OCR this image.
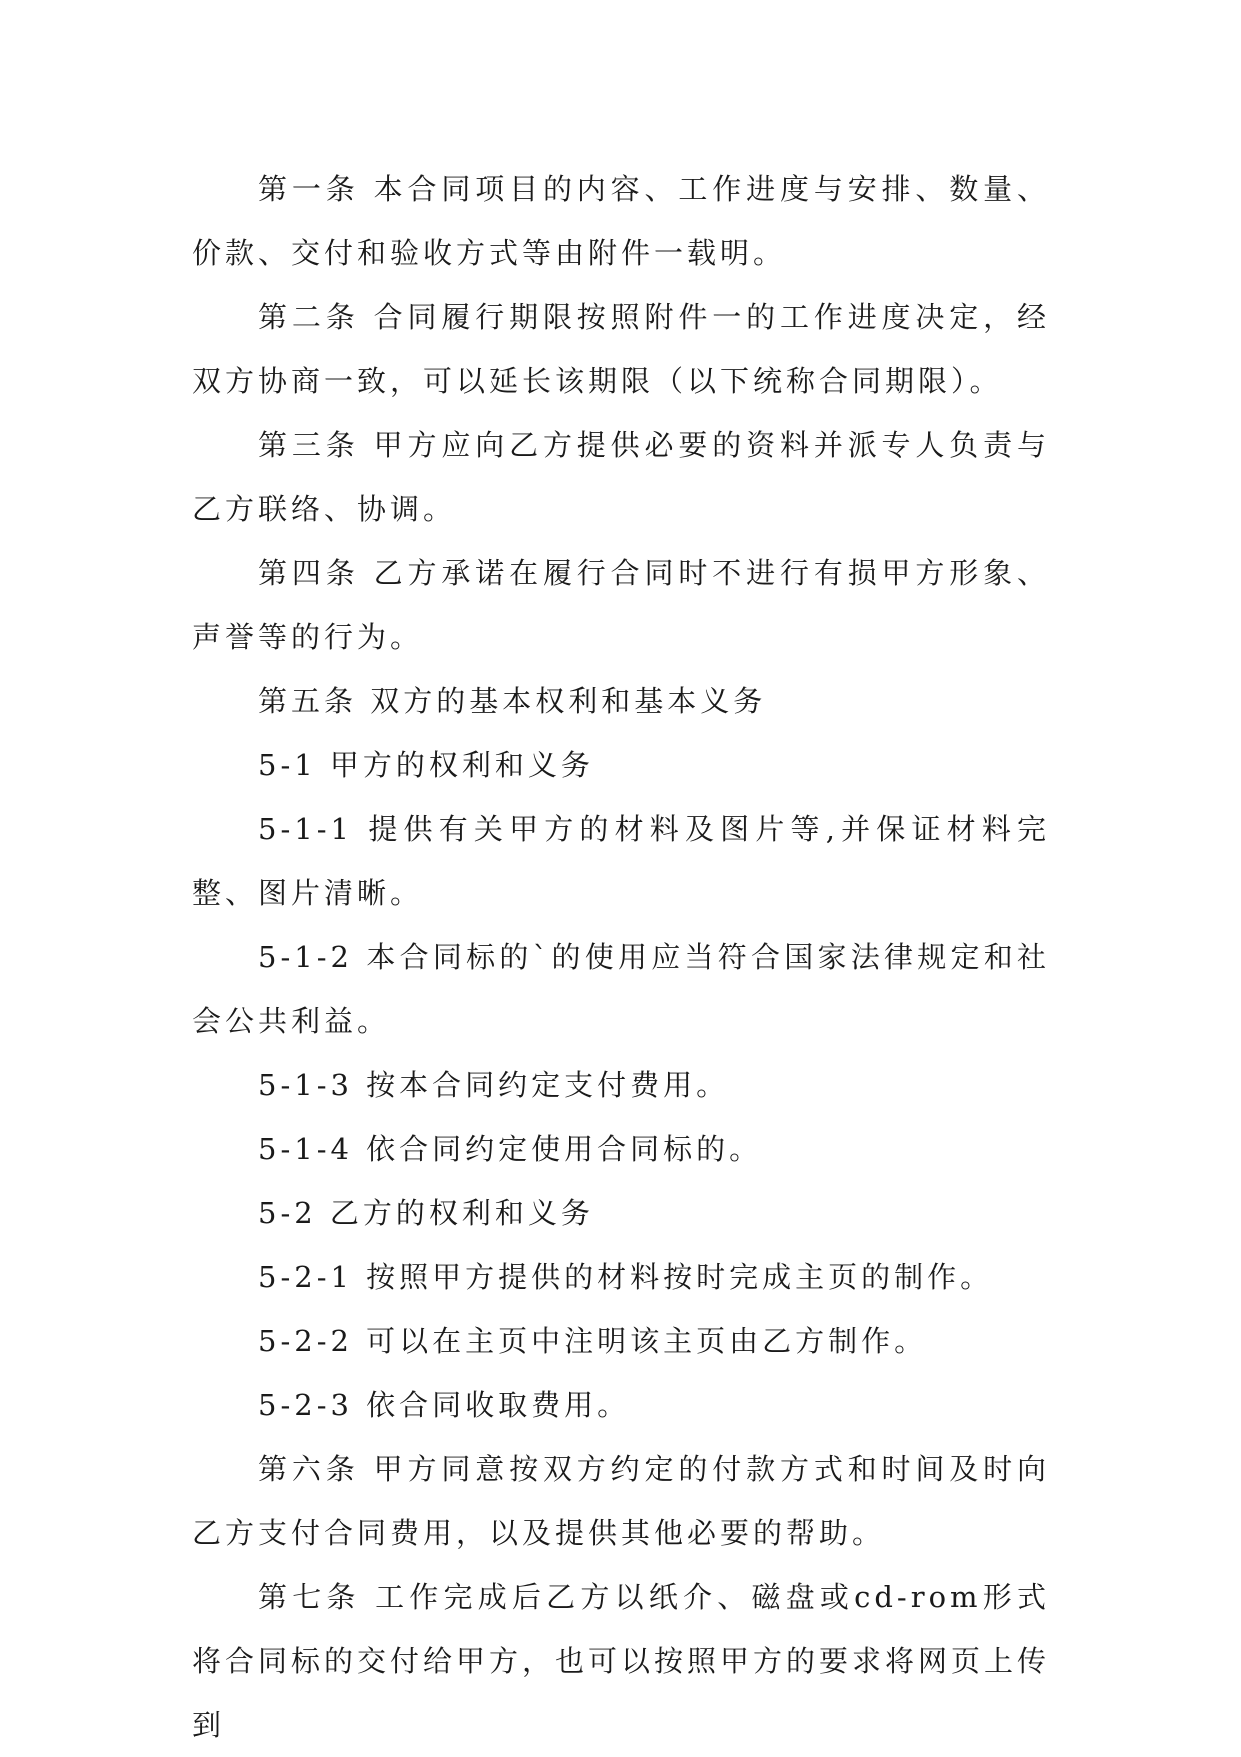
第一条 本合同项目的内容、工作进度与安排、数量、价款、交付和验收方式等由附件一载明。

第二条 合同履行期限按照附件一的工作进度决定，经双方协商一致，可以延长该期限（以下统称合同期限）。

第三条 甲方应向乙方提供必要的资料并派专人负责与乙方联络、协调。

第四条 乙方承诺在履行合同时不进行有损甲方形象、声誉等的行为。

第五条 双方的基本权利和基本义务

5-1 甲方的权利和义务

5-1-1 提供有关甲方的材料及图片等,并保证材料完整、图片清晰。

5-1-2 本合同标的`的使用应当符合国家法律规定和社会公共利益。

5-1-3 按本合同约定支付费用。

5-1-4 依合同约定使用合同标的。

5-2 乙方的权利和义务

5-2-1 按照甲方提供的材料按时完成主页的制作。

5-2-2 可以在主页中注明该主页由乙方制作。

5-2-3 依合同收取费用。

第六条 甲方同意按双方约定的付款方式和时间及时向乙方支付合同费用，以及提供其他必要的帮助。

第七条 工作完成后乙方以纸介、磁盘或cd-rom形式将合同标的交付给甲方，也可以按照甲方的要求将网页上传到
